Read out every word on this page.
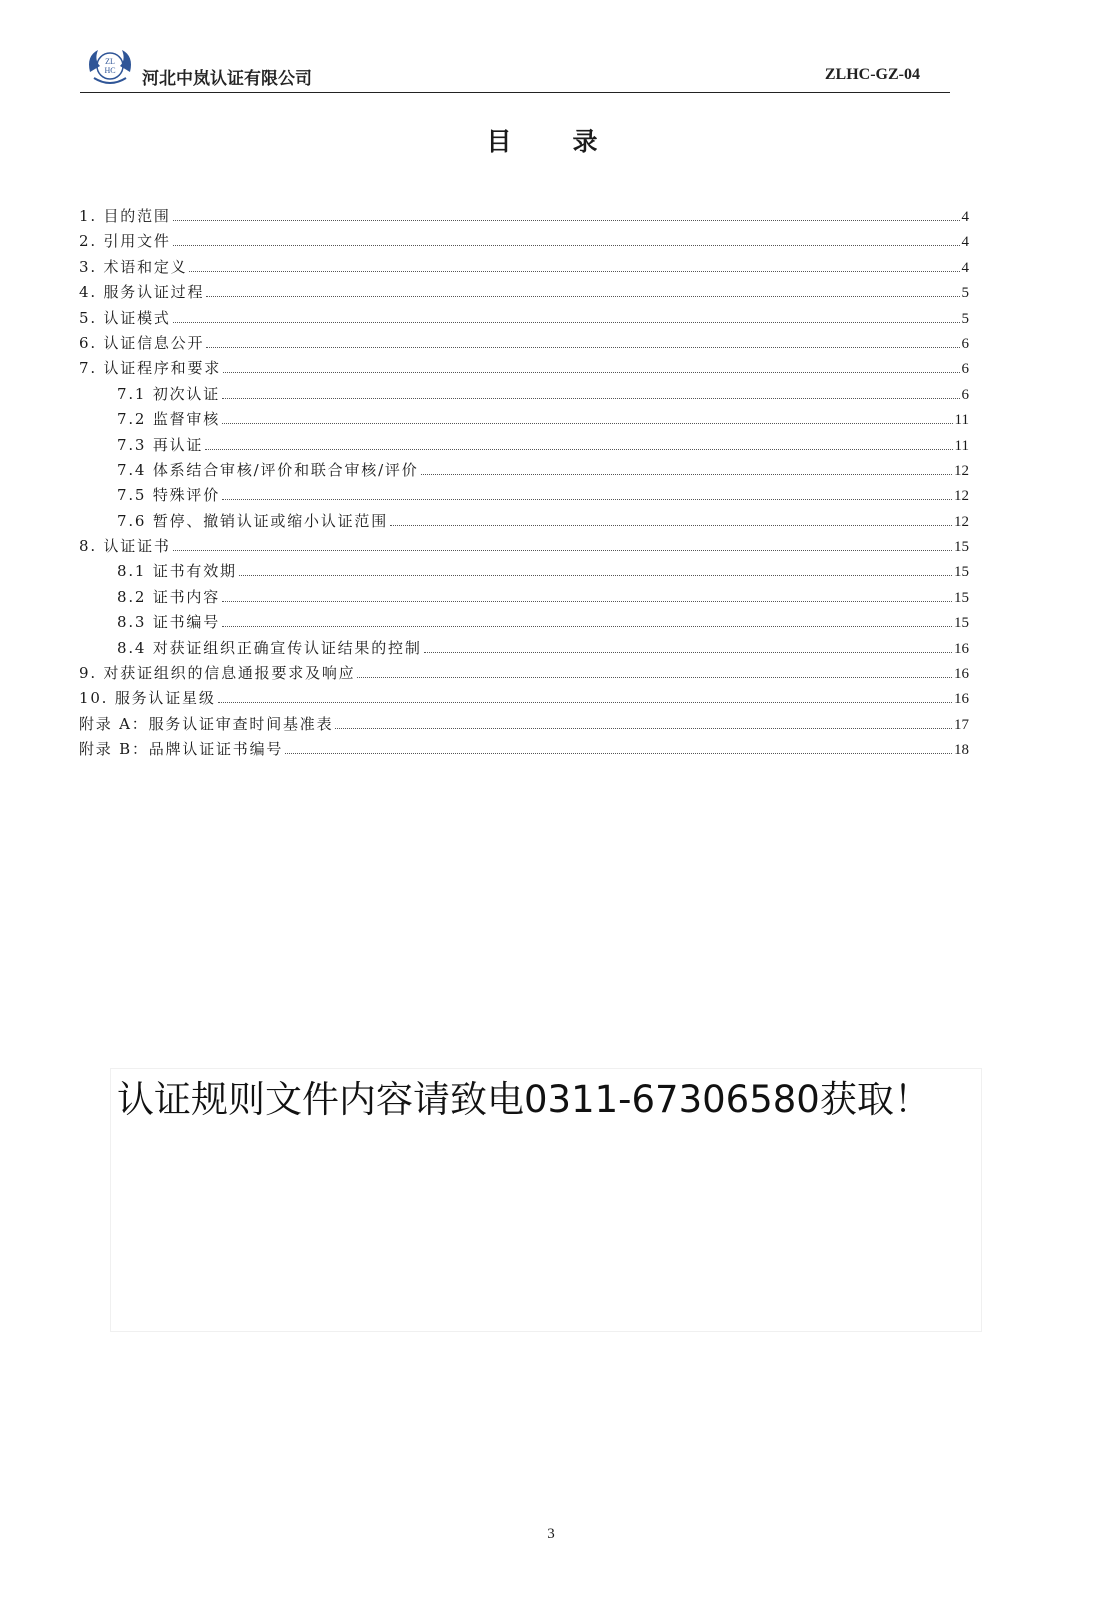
ZL
HC 河北中岚认证有限公司	ZLHC-GZ-04
目　录
1. 目的范围	4
2. 引用文件	4
3. 术语和定义	4
4. 服务认证过程	5
5. 认证模式	5
6. 认证信息公开	6
7. 认证程序和要求	6
7.1 初次认证	6
7.2 监督审核	11
7.3 再认证	11
7.4 体系结合审核/评价和联合审核/评价	12
7.5 特殊评价	12
7.6 暂停、撤销认证或缩小认证范围	12
8. 认证证书	15
8.1 证书有效期	15
8.2 证书内容	15
8.3 证书编号	15
8.4 对获证组织正确宣传认证结果的控制	16
9. 对获证组织的信息通报要求及响应	16
10. 服务认证星级	16
附录 A：服务认证审查时间基准表	17
附录 B：品牌认证证书编号	18
认证规则文件内容请致电0311-67306580获取！
3
